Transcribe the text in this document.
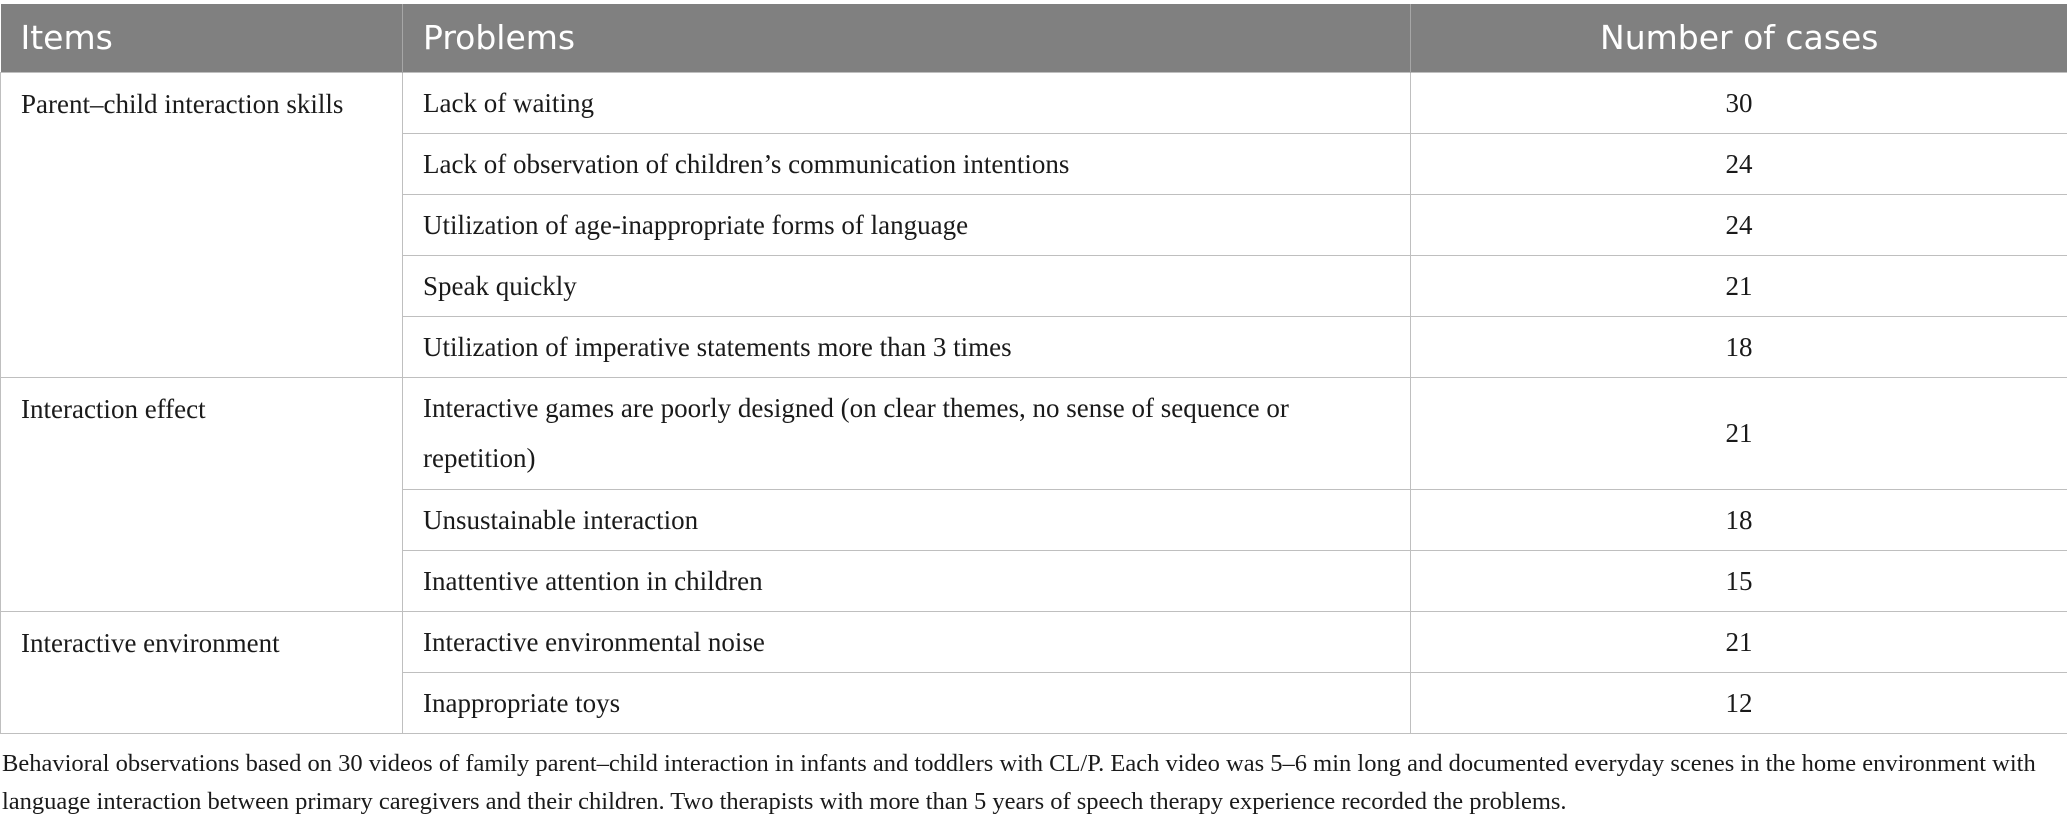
Items	Problems	Number of cases
Parent–child interaction skills	Lack of waiting	30
	Lack of observation of children’s communication intentions	24
	Utilization of age-inappropriate forms of language	24
	Speak quickly	21
	Utilization of imperative statements more than 3 times	18
Interaction effect	Interactive games are poorly designed (on clear themes, no sense of sequence or repetition)	21
	Unsustainable interaction	18
	Inattentive attention in children	15
Interactive environment	Interactive environmental noise	21
	Inappropriate toys	12
Behavioral observations based on 30 videos of family parent–child interaction in infants and toddlers with CL/P. Each video was 5–6 min long and documented everyday scenes in the home environment with language interaction between primary caregivers and their children. Two therapists with more than 5 years of speech therapy experience recorded the problems.
